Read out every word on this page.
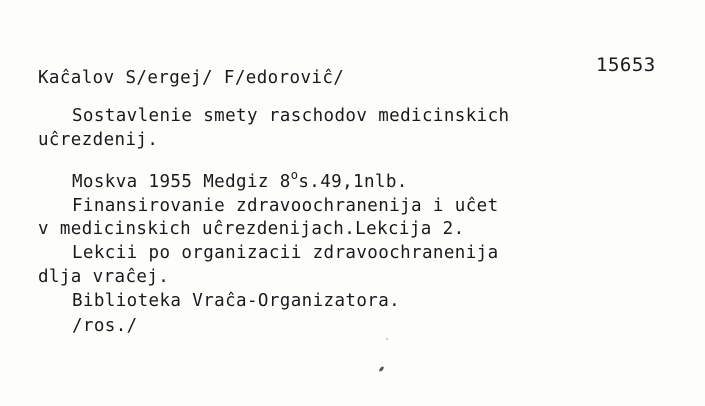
15653
Kaĉalov S/ergej/ F/edoroviĉ/
Sostavlenie smety raschodov medicinskich
uĉrezdenij.
Moskva 1955 Medgiz 8$^o$s.49,1nlb.
Finansirovanie zdravoochranenija i uĉet
v medicinskich uĉrezdenijach.Lekcija 2.
Lekcii po organizacii zdravoochranenija
dlja vraĉej.
Biblioteka Vraĉa-Organizatora.
/ros./
